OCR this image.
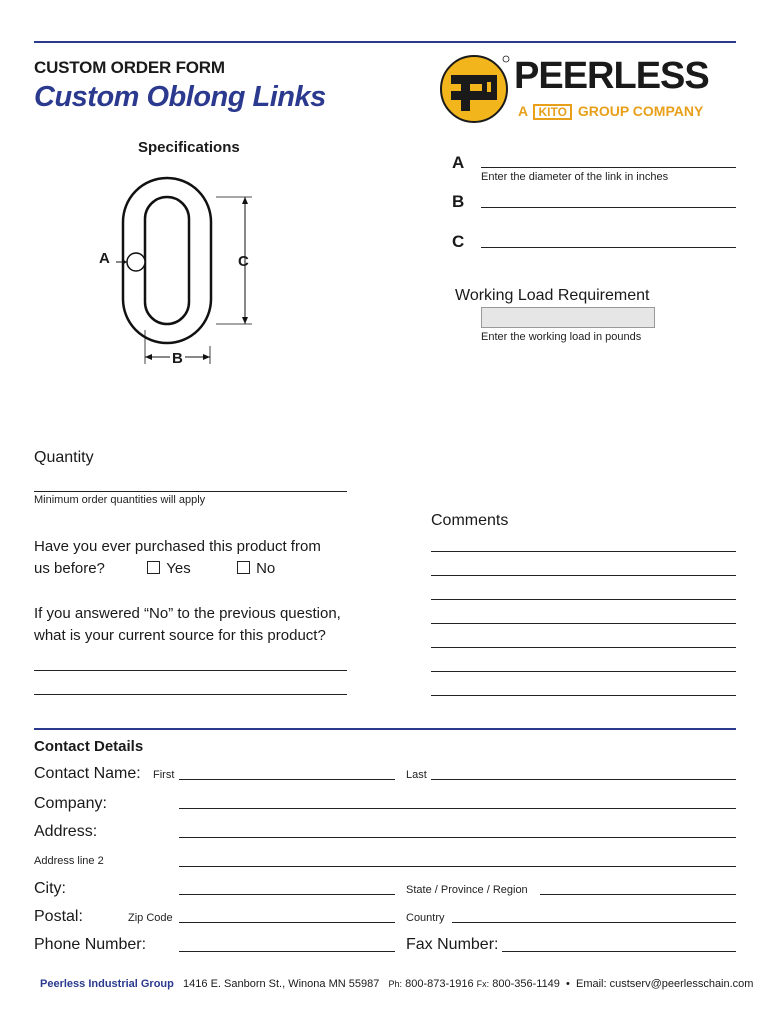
CUSTOM ORDER FORM
Custom Oblong Links	PEERLESS
A KITO GROUP COMPANY
Specifications
A	C
B
A
Enter the diameter of the link in inches
B
C
Working Load Requirement
Enter the working load in pounds
Quantity
Minimum order quantities will apply
Have you ever purchased this product from
us before?	Yes	No
If you answered “No” to the previous question,
what is your current source for this product?
Comments
Contact Details
Contact Name: First	Last
Company:
Address:
Address line 2
City:	State / Province / Region
Postal:	Zip Code	Country
Phone Number:	Fax Number:
Peerless Industrial Group 1416 E. Sanborn St., Winona MN 55987 Ph: 800-873-1916 Fx: 800-356-1149  •  Email: custserv@peerlesschain.com
